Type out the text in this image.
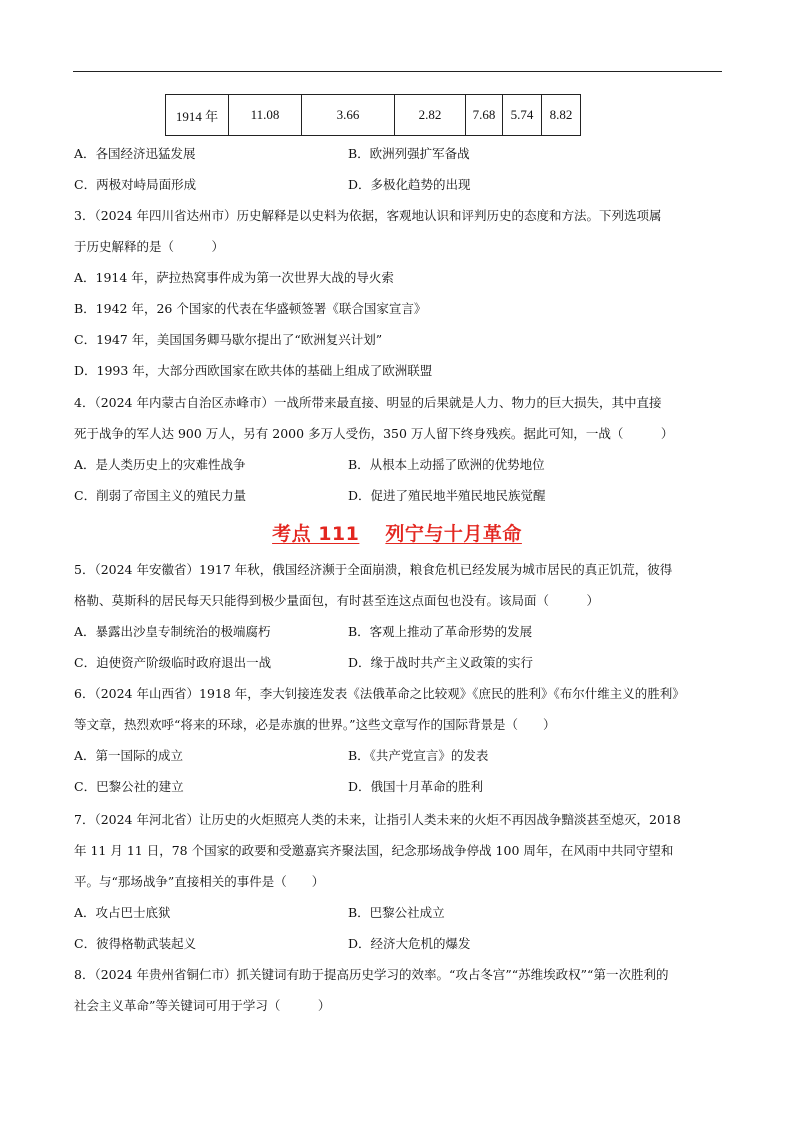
1914 年	11.08	3.66	2.82	7.68	5.74	8.82
A．各国经济迅猛发展	B．欧洲列强扩军备战
C．两极对峙局面形成	D．多极化趋势的出现
3．（2024 年四川省达州市）历史解释是以史料为依据，客观地认识和评判历史的态度和方法。下列选项属
于历史解释的是（　　　）
A．1914 年，萨拉热窝事件成为第一次世界大战的导火索
B．1942 年，26 个国家的代表在华盛顿签署《联合国家宣言》
C．1947 年，美国国务卿马歇尔提出了“欧洲复兴计划”
D．1993 年，大部分西欧国家在欧共体的基础上组成了欧洲联盟
4．（2024 年内蒙古自治区赤峰市）一战所带来最直接、明显的后果就是人力、物力的巨大损失，其中直接
死于战争的军人达 900 万人，另有 2000 多万人受伤，350 万人留下终身残疾。据此可知，一战（　　　）
A．是人类历史上的灾难性战争	B．从根本上动摇了欧洲的优势地位
C．削弱了帝国主义的殖民力量	D．促进了殖民地半殖民地民族觉醒
考点 111 列宁与十月革命
5．（2024 年安徽省）1917 年秋，俄国经济濒于全面崩溃，粮食危机已经发展为城市居民的真正饥荒，彼得
格勒、莫斯科的居民每天只能得到极少量面包，有时甚至连这点面包也没有。该局面（　　　）
A．暴露出沙皇专制统治的极端腐朽	B．客观上推动了革命形势的发展
C．迫使资产阶级临时政府退出一战	D．缘于战时共产主义政策的实行
6．（2024 年山西省）1918 年，李大钊接连发表《法俄革命之比较观》《庶民的胜利》《布尔什维主义的胜利》
等文章，热烈欢呼“将来的环球，必是赤旗的世界。”这些文章写作的国际背景是（　　）
A．第一国际的成立	B．《共产党宣言》的发表
C．巴黎公社的建立	D．俄国十月革命的胜利
7．（2024 年河北省）让历史的火炬照亮人类的未来，让指引人类未来的火炬不再因战争黯淡甚至熄灭，2018
年 11 月 11 日，78 个国家的政要和受邀嘉宾齐聚法国，纪念那场战争停战 100 周年，在风雨中共同守望和
平。与“那场战争”直接相关的事件是（　　）
A．攻占巴士底狱	B．巴黎公社成立
C．彼得格勒武装起义	D．经济大危机的爆发
8．（2024 年贵州省铜仁市）抓关键词有助于提高历史学习的效率。“攻占冬宫”“苏维埃政权”“第一次胜利的
社会主义革命”等关键词可用于学习（　　　）
